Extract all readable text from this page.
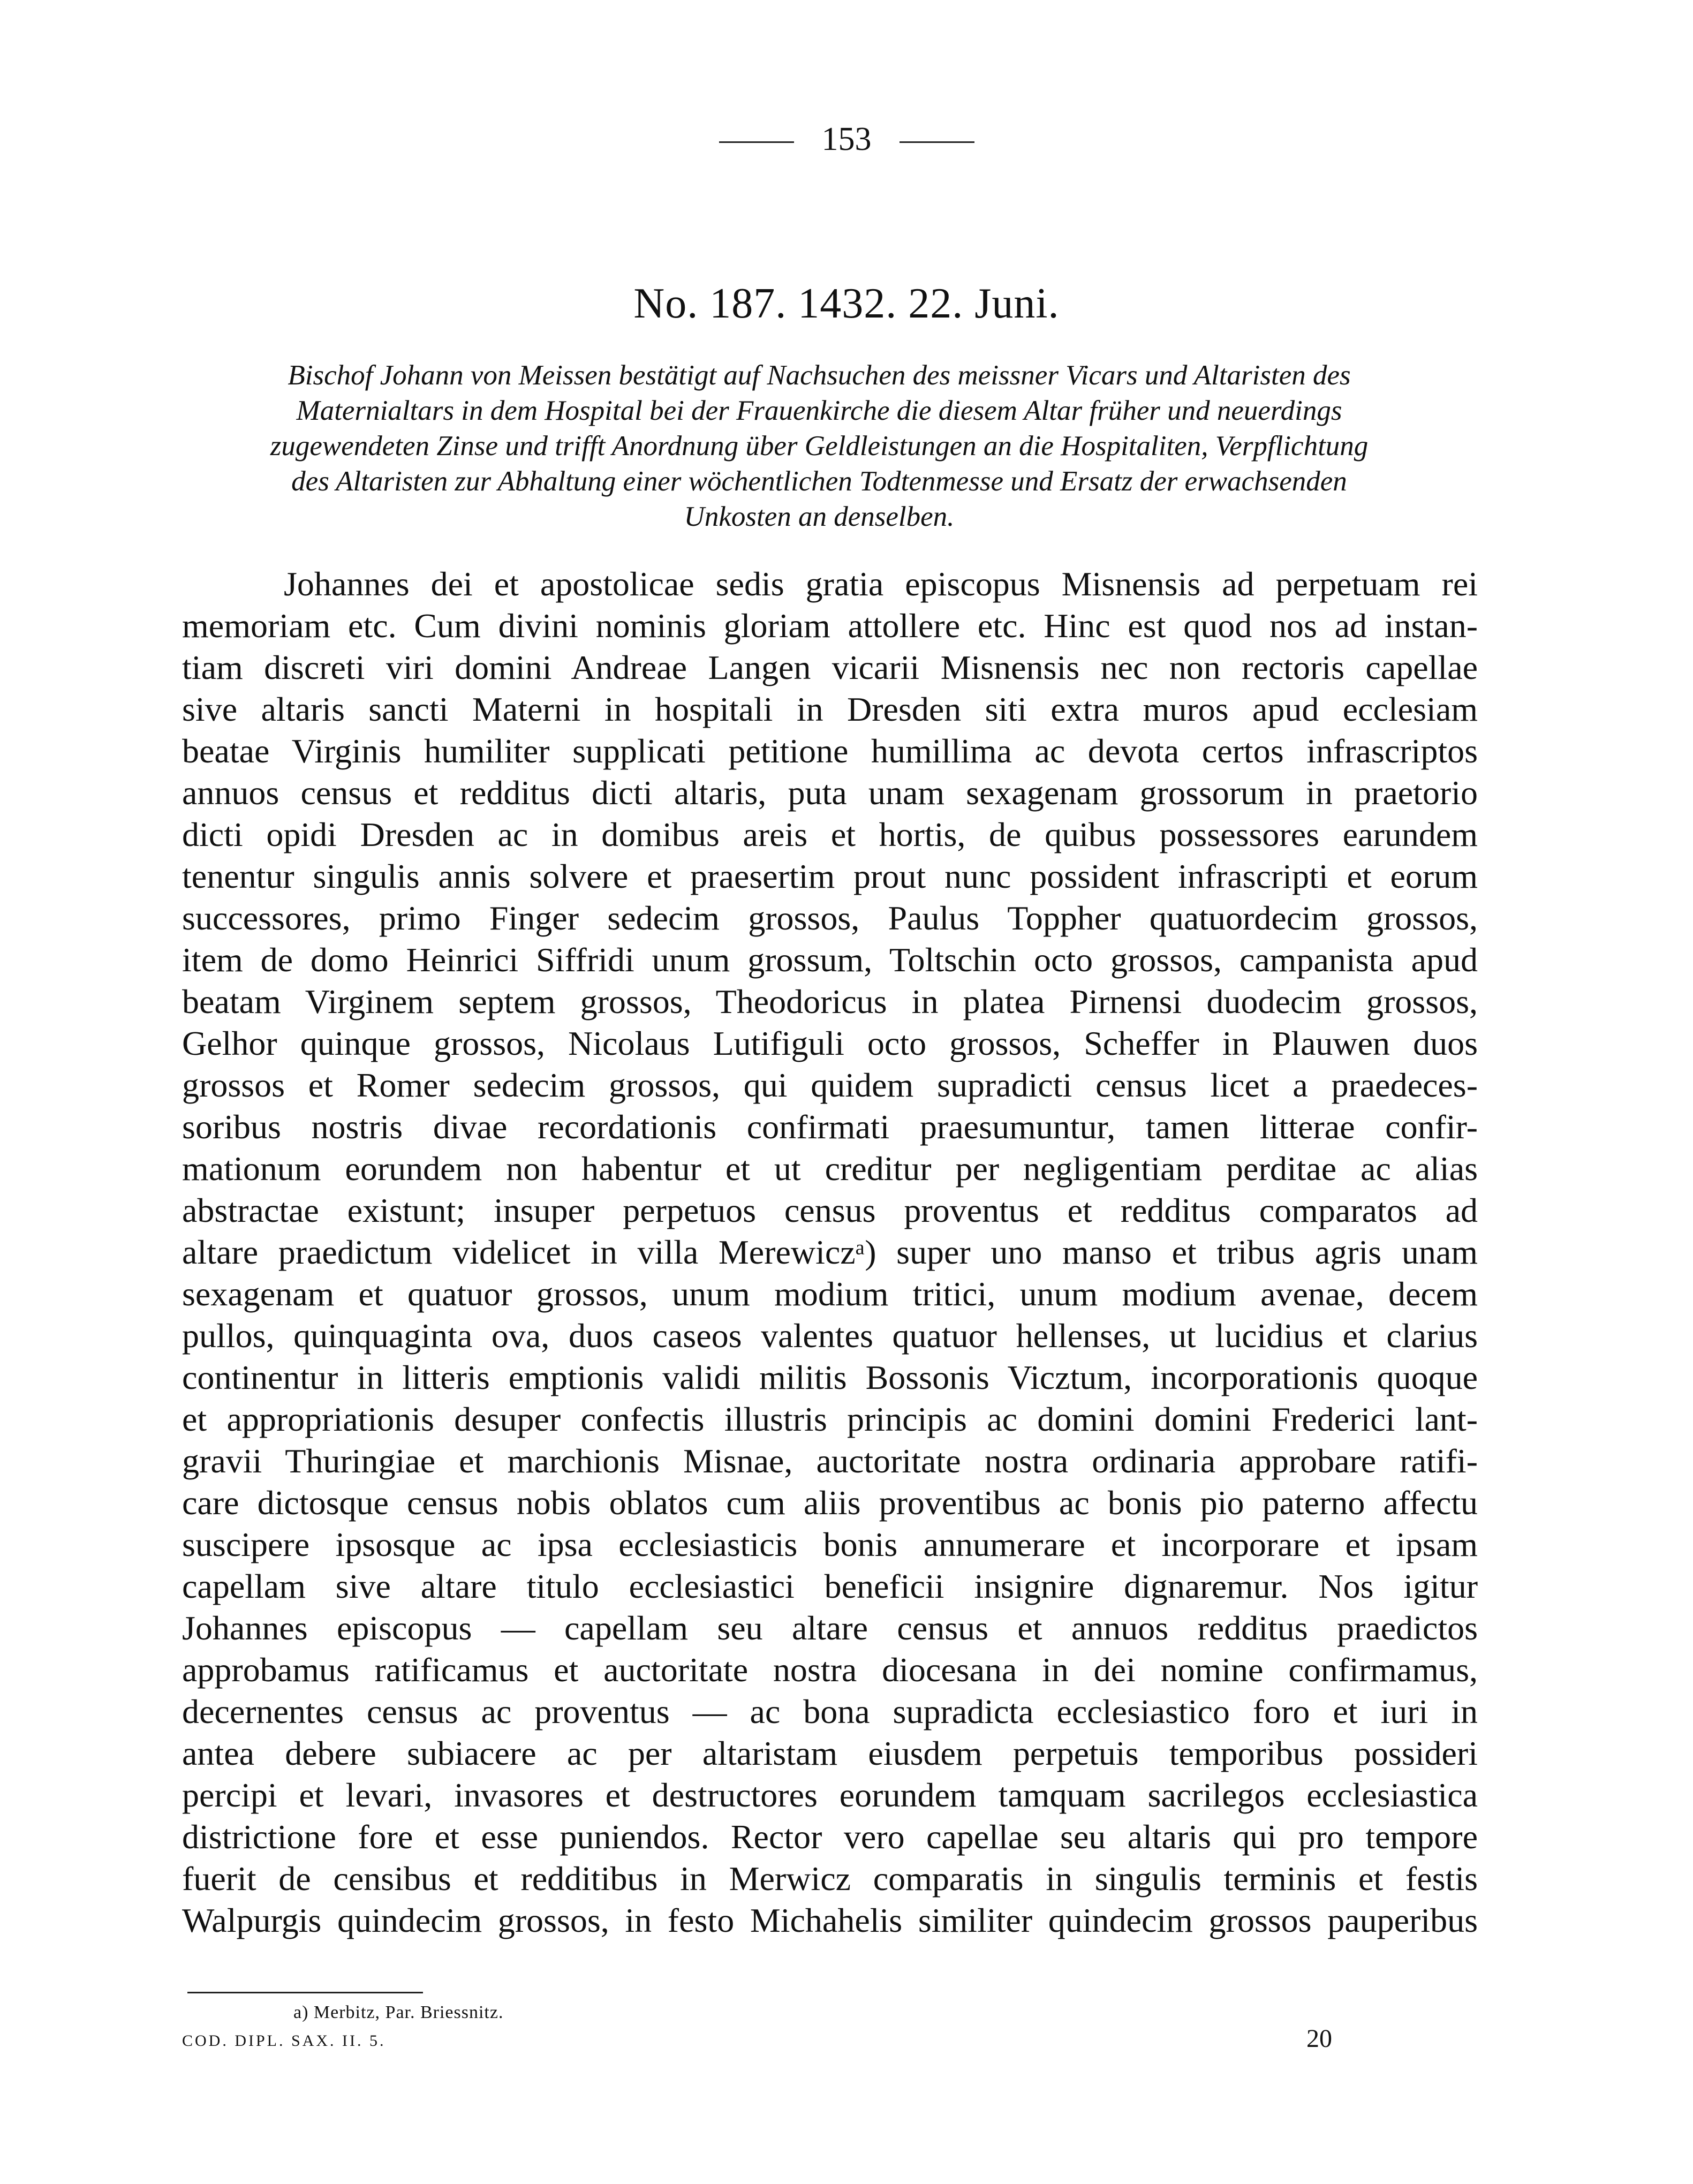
153
No. 187. 1432. 22. Juni.
Bischof Johann von Meissen bestätigt auf Nachsuchen des meissner Vicars und Altaristen des
Maternialtars in dem Hospital bei der Frauenkirche die diesem Altar früher und neuerdings
zugewendeten Zinse und trifft Anordnung über Geldleistungen an die Hospitaliten, Verpflichtung
des Altaristen zur Abhaltung einer wöchentlichen Todtenmesse und Ersatz der erwachsenden
Unkosten an denselben.
Johannes dei et apostolicae sedis gratia episcopus Misnensis ad perpetuam rei
memoriam etc. Cum divini nominis gloriam attollere etc. Hinc est quod nos ad instan-
tiam discreti viri domini Andreae Langen vicarii Misnensis nec non rectoris capellae
sive altaris sancti Materni in hospitali in Dresden siti extra muros apud ecclesiam
beatae Virginis humiliter supplicati petitione humillima ac devota certos infrascriptos
annuos census et redditus dicti altaris, puta unam sexagenam grossorum in praetorio
dicti opidi Dresden ac in domibus areis et hortis, de quibus possessores earundem
tenentur singulis annis solvere et praesertim prout nunc possident infrascripti et eorum
successores, primo Finger sedecim grossos, Paulus Toppher quatuordecim grossos,
item de domo Heinrici Siffridi unum grossum, Toltschin octo grossos, campanista apud
beatam Virginem septem grossos, Theodoricus in platea Pirnensi duodecim grossos,
Gelhor quinque grossos, Nicolaus Lutifiguli octo grossos, Scheffer in Plauwen duos
grossos et Romer sedecim grossos, qui quidem supradicti census licet a praedeces-
soribus nostris divae recordationis confirmati praesumuntur, tamen litterae confir-
mationum eorundem non habentur et ut creditur per negligentiam perditae ac alias
abstractae existunt; insuper perpetuos census proventus et redditus comparatos ad
altare praedictum videlicet in villa Merewiczᵃ) super uno manso et tribus agris unam
sexagenam et quatuor grossos, unum modium tritici, unum modium avenae, decem
pullos, quinquaginta ova, duos caseos valentes quatuor hellenses, ut lucidius et clarius
continentur in litteris emptionis validi militis Bossonis Vicztum, incorporationis quoque
et appropriationis desuper confectis illustris principis ac domini domini Frederici lant-
gravii Thuringiae et marchionis Misnae, auctoritate nostra ordinaria approbare ratifi-
care dictosque census nobis oblatos cum aliis proventibus ac bonis pio paterno affectu
suscipere ipsosque ac ipsa ecclesiasticis bonis annumerare et incorporare et ipsam
capellam sive altare titulo ecclesiastici beneficii insignire dignaremur. Nos igitur
Johannes episcopus — capellam seu altare census et annuos redditus praedictos
approbamus ratificamus et auctoritate nostra diocesana in dei nomine confirmamus,
decernentes census ac proventus — ac bona supradicta ecclesiastico foro et iuri in
antea debere subiacere ac per altaristam eiusdem perpetuis temporibus possideri
percipi et levari, invasores et destructores eorundem tamquam sacrilegos ecclesiastica
districtione fore et esse puniendos. Rector vero capellae seu altaris qui pro tempore
fuerit de censibus et redditibus in Merwicz comparatis in singulis terminis et festis
Walpurgis quindecim grossos, in festo Michahelis similiter quindecim grossos pauperibus
a) Merbitz, Par. Briessnitz.
COD. DIPL. SAX. II. 5.	20
